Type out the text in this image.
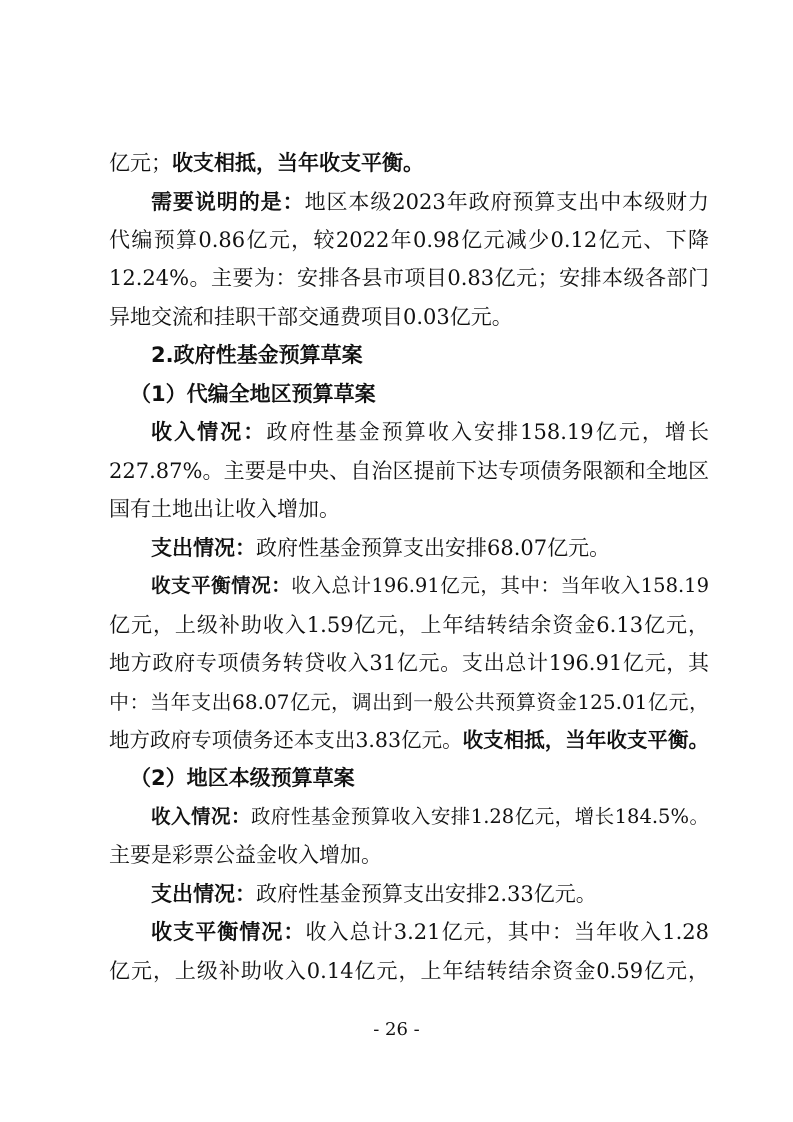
亿元；收支相抵，当年收支平衡。
需要说明的是：地区本级2023年政府预算支出中本级财力
代编预算0.86亿元，较2022年0.98亿元减少0.12亿元、下降
12.24%。主要为：安排各县市项目0.83亿元；安排本级各部门
异地交流和挂职干部交通费项目0.03亿元。
2.政府性基金预算草案
（1）代编全地区预算草案
收入情况：政府性基金预算收入安排158.19亿元，增长
227.87%。主要是中央、自治区提前下达专项债务限额和全地区
国有土地出让收入增加。
支出情况：政府性基金预算支出安排68.07亿元。
收支平衡情况：收入总计196.91亿元，其中：当年收入158.19
亿元，上级补助收入1.59亿元，上年结转结余资金6.13亿元，
地方政府专项债务转贷收入31亿元。支出总计196.91亿元，其
中：当年支出68.07亿元，调出到一般公共预算资金125.01亿元，
地方政府专项债务还本支出3.83亿元。收支相抵，当年收支平衡。
（2）地区本级预算草案
收入情况：政府性基金预算收入安排1.28亿元，增长184.5%。
主要是彩票公益金收入增加。
支出情况：政府性基金预算支出安排2.33亿元。
收支平衡情况：收入总计3.21亿元，其中：当年收入1.28
亿元，上级补助收入0.14亿元，上年结转结余资金0.59亿元，
- 26 -
